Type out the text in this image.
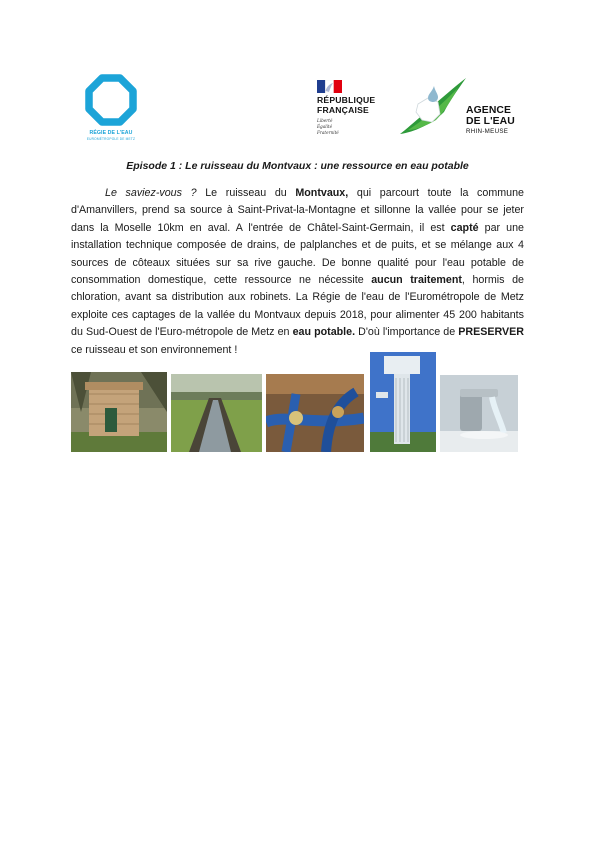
RÉGIE DE L'EAU
EUROMÉTROPOLE DE METZ
RÉPUBLIQUE
FRANÇAISE
Liberté
Égalité
Fraternité
AGENCE
DE L'EAU
RHIN-MEUSE
Episode 1 : Le ruisseau du Montvaux : une ressource en eau potable
Le saviez-vous ? Le ruisseau du Montvaux, qui parcourt toute la commune d'Amanvillers, prend sa source à Saint-Privat-la-Montagne et sillonne la vallée pour se jeter dans la Moselle 10km en aval. A l'entrée de Châtel-Saint-Germain, il est capté par une installation technique composée de drains, de palplanches et de puits, et se mélange aux 4 sources de côteaux situées sur sa rive gauche. De bonne qualité pour l'eau potable de consommation domestique, cette ressource ne nécessite aucun traitement, hormis de chloration, avant sa distribution aux robinets. La Régie de l'eau de l'Eurométropole de Metz exploite ces captages de la vallée du Montvaux depuis 2018, pour alimenter 45 200 habitants du Sud-Ouest de l'Euro-métropole de Metz en eau potable. D'où l'importance de PRESERVER ce ruisseau et son environnement !
